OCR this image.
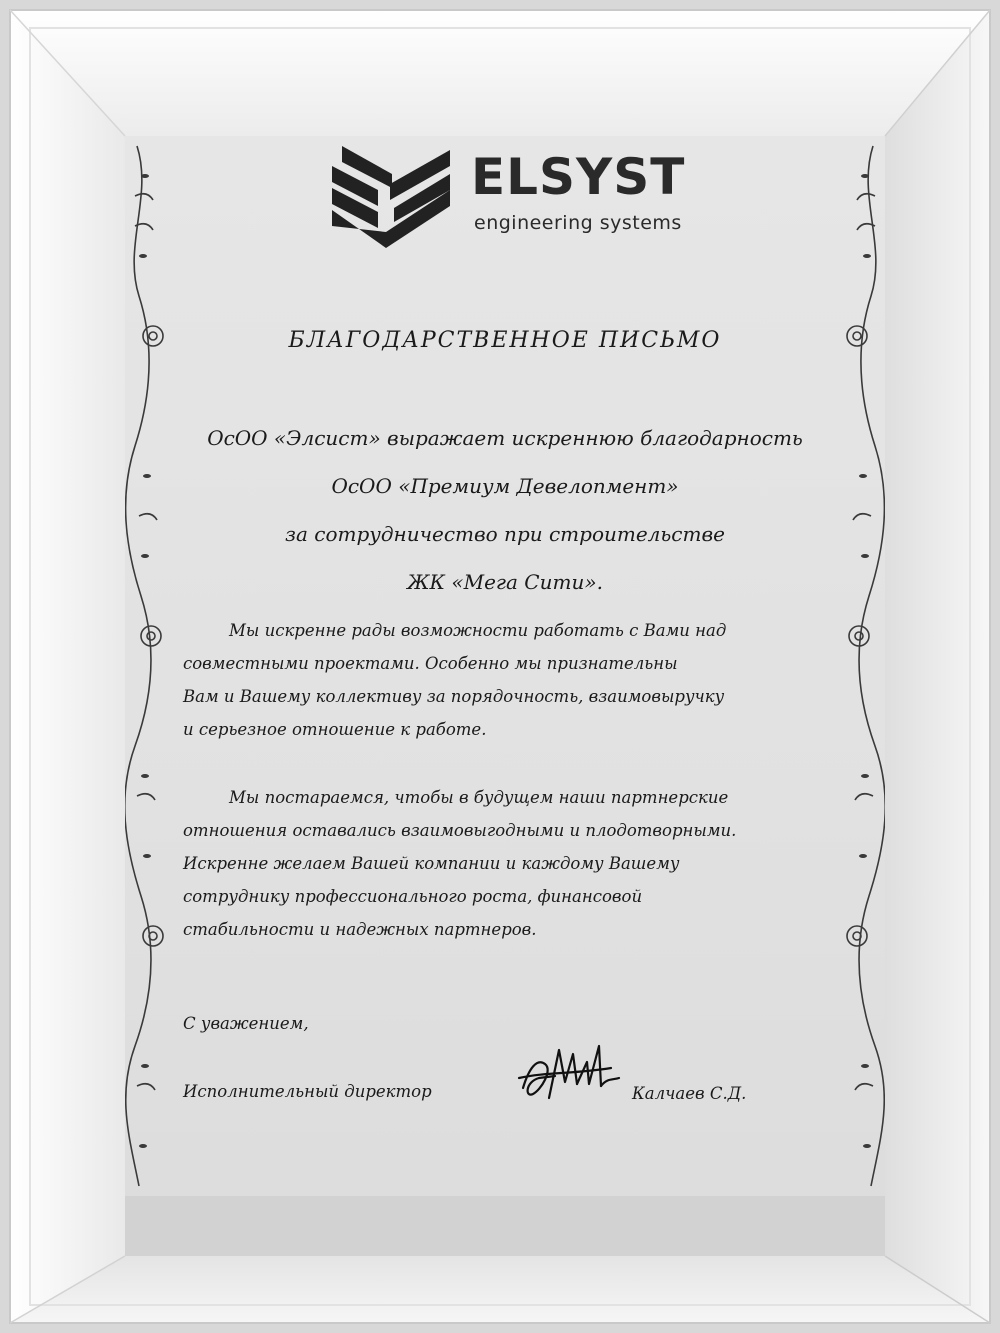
ELSYST
engineering systems
БЛАГОДАРСТВЕННОЕ ПИСЬМО
ОсОО «Элсист» выражает искреннюю благодарность
ОсОО «Премиум Девелопмент»
за сотрудничество при строительстве
ЖК «Мега Сити».
Мы искренне рады возможности работать с Вами над
совместными проектами. Особенно мы признательны
Вам и Вашему коллективу за порядочность, взаимовыручку
и серьезное отношение к работе.
Мы постараемся, чтобы в будущем наши партнерские
отношения оставались взаимовыгодными и плодотворными.
Искренне желаем Вашей компании и каждому Вашему
сотруднику профессионального роста, финансовой
стабильности и надежных партнеров.
С уважением,
Исполнительный директор	Калчаев С.Д.
